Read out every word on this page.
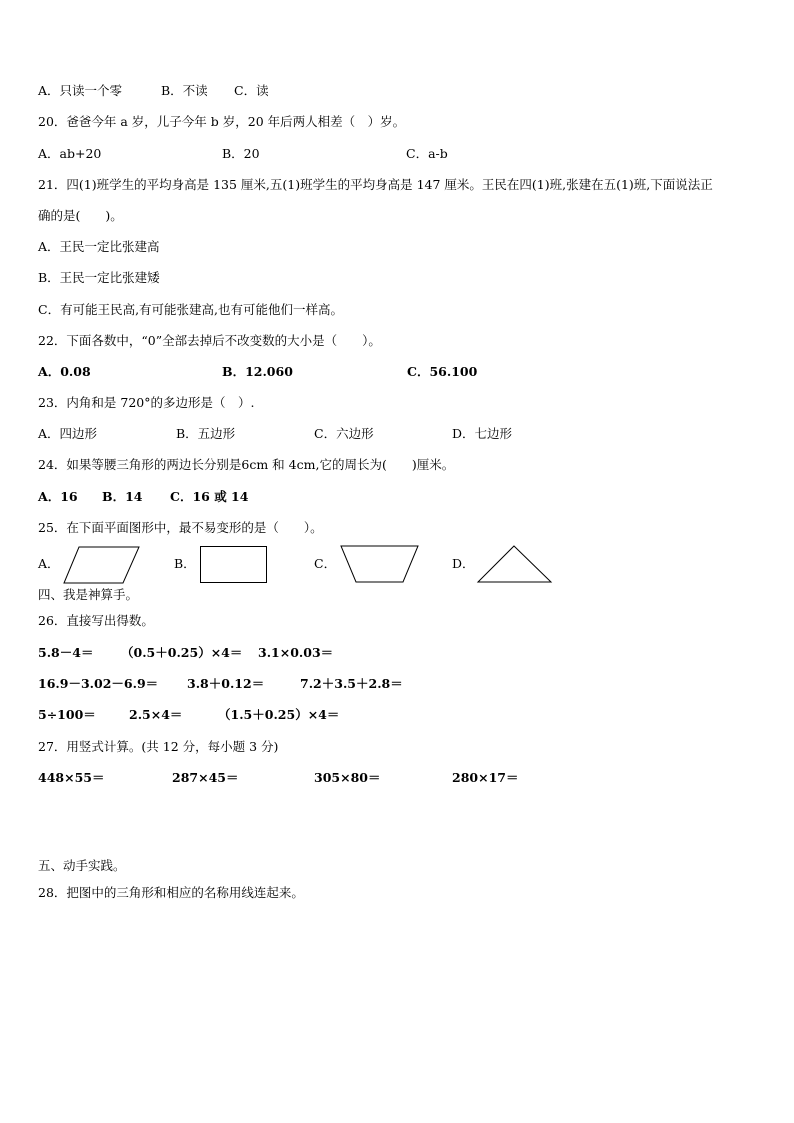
A．只读一个零	B．不读 C．读
20．爸爸今年 a 岁，儿子今年 b 岁，20 年后两人相差（　）岁。
A．ab+20	B．20	C．a-b
21．四(1)班学生的平均身高是 135 厘米,五(1)班学生的平均身高是 147 厘米。王民在四(1)班,张建在五(1)班,下面说法正
确的是(　　)。
A．王民一定比张建高
B．王民一定比张建矮
C．有可能王民高,有可能张建高,也有可能他们一样高。
22．下面各数中，“0”全部去掉后不改变数的大小是（　　）。
A．0.08	B．12.060	C．56.100
23．内角和是 720°的多边形是（　）.
A．四边形	B．五边形	C．六边形	D．七边形
24．如果等腰三角形的两边长分别是6cm 和 4cm,它的周长为(　　)厘米。
A．16 B．14 C．16 或 14
25．在下面平面图形中，最不易变形的是（　　）。
A．	B．	C．	D．
四、我是神算手。
26．直接写出得数。
5.8－4＝ （0.5＋0.25）×4＝ 3.1×0.03＝
16.9－3.02－6.9＝ 3.8＋0.12＝	7.2＋3.5＋2.8＝
5÷100＝	2.5×4＝	（1.5＋0.25）×4＝
27．用竖式计算。(共 12 分，每小题 3 分)
448×55＝	287×45＝	305×80＝	280×17＝
五、动手实践。
28．把图中的三角形和相应的名称用线连起来。
